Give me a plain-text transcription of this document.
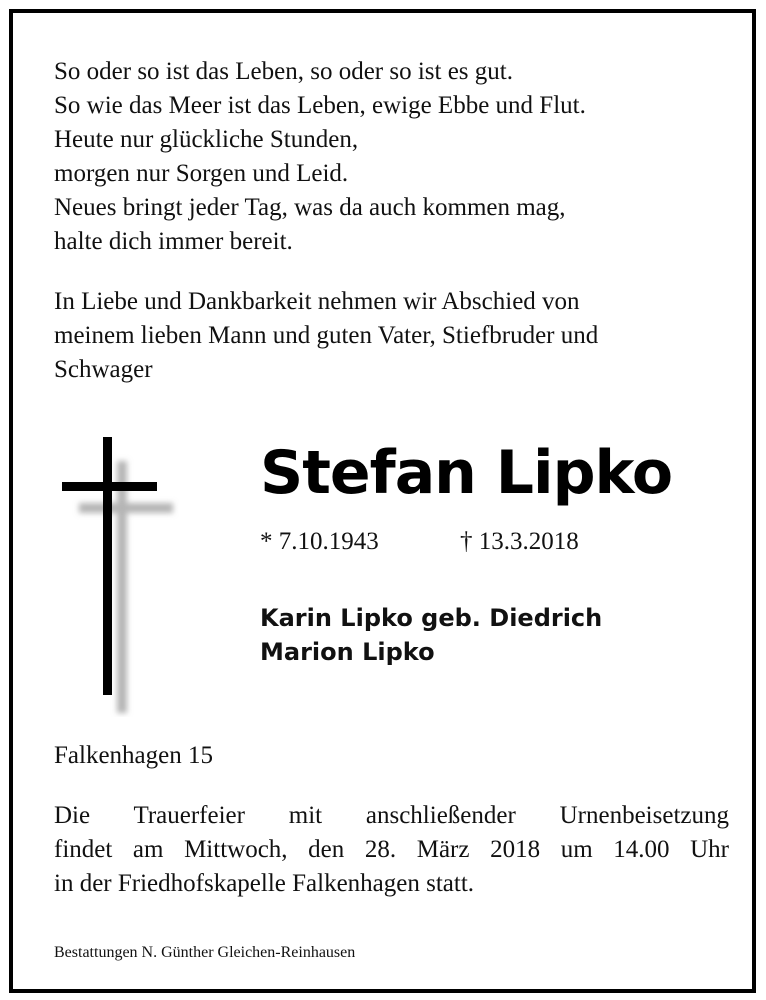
So oder so ist das Leben, so oder so ist es gut.
So wie das Meer ist das Leben, ewige Ebbe und Flut.
Heute nur glückliche Stunden,
morgen nur Sorgen und Leid.
Neues bringt jeder Tag, was da auch kommen mag,
halte dich immer bereit.
In Liebe und Dankbarkeit nehmen wir Abschied von
meinem lieben Mann und guten Vater, Stiefbruder und
Schwager
Stefan Lipko
* 7.10.1943	† 13.3.2018
Karin Lipko geb. Diedrich
Marion Lipko
Falkenhagen 15
Die Trauerfeier mit anschließender Urnenbeisetzung
findet am Mittwoch, den 28. März 2018 um 14.00 Uhr
in der Friedhofskapelle Falkenhagen statt.
Bestattungen N. Günther Gleichen-Reinhausen
